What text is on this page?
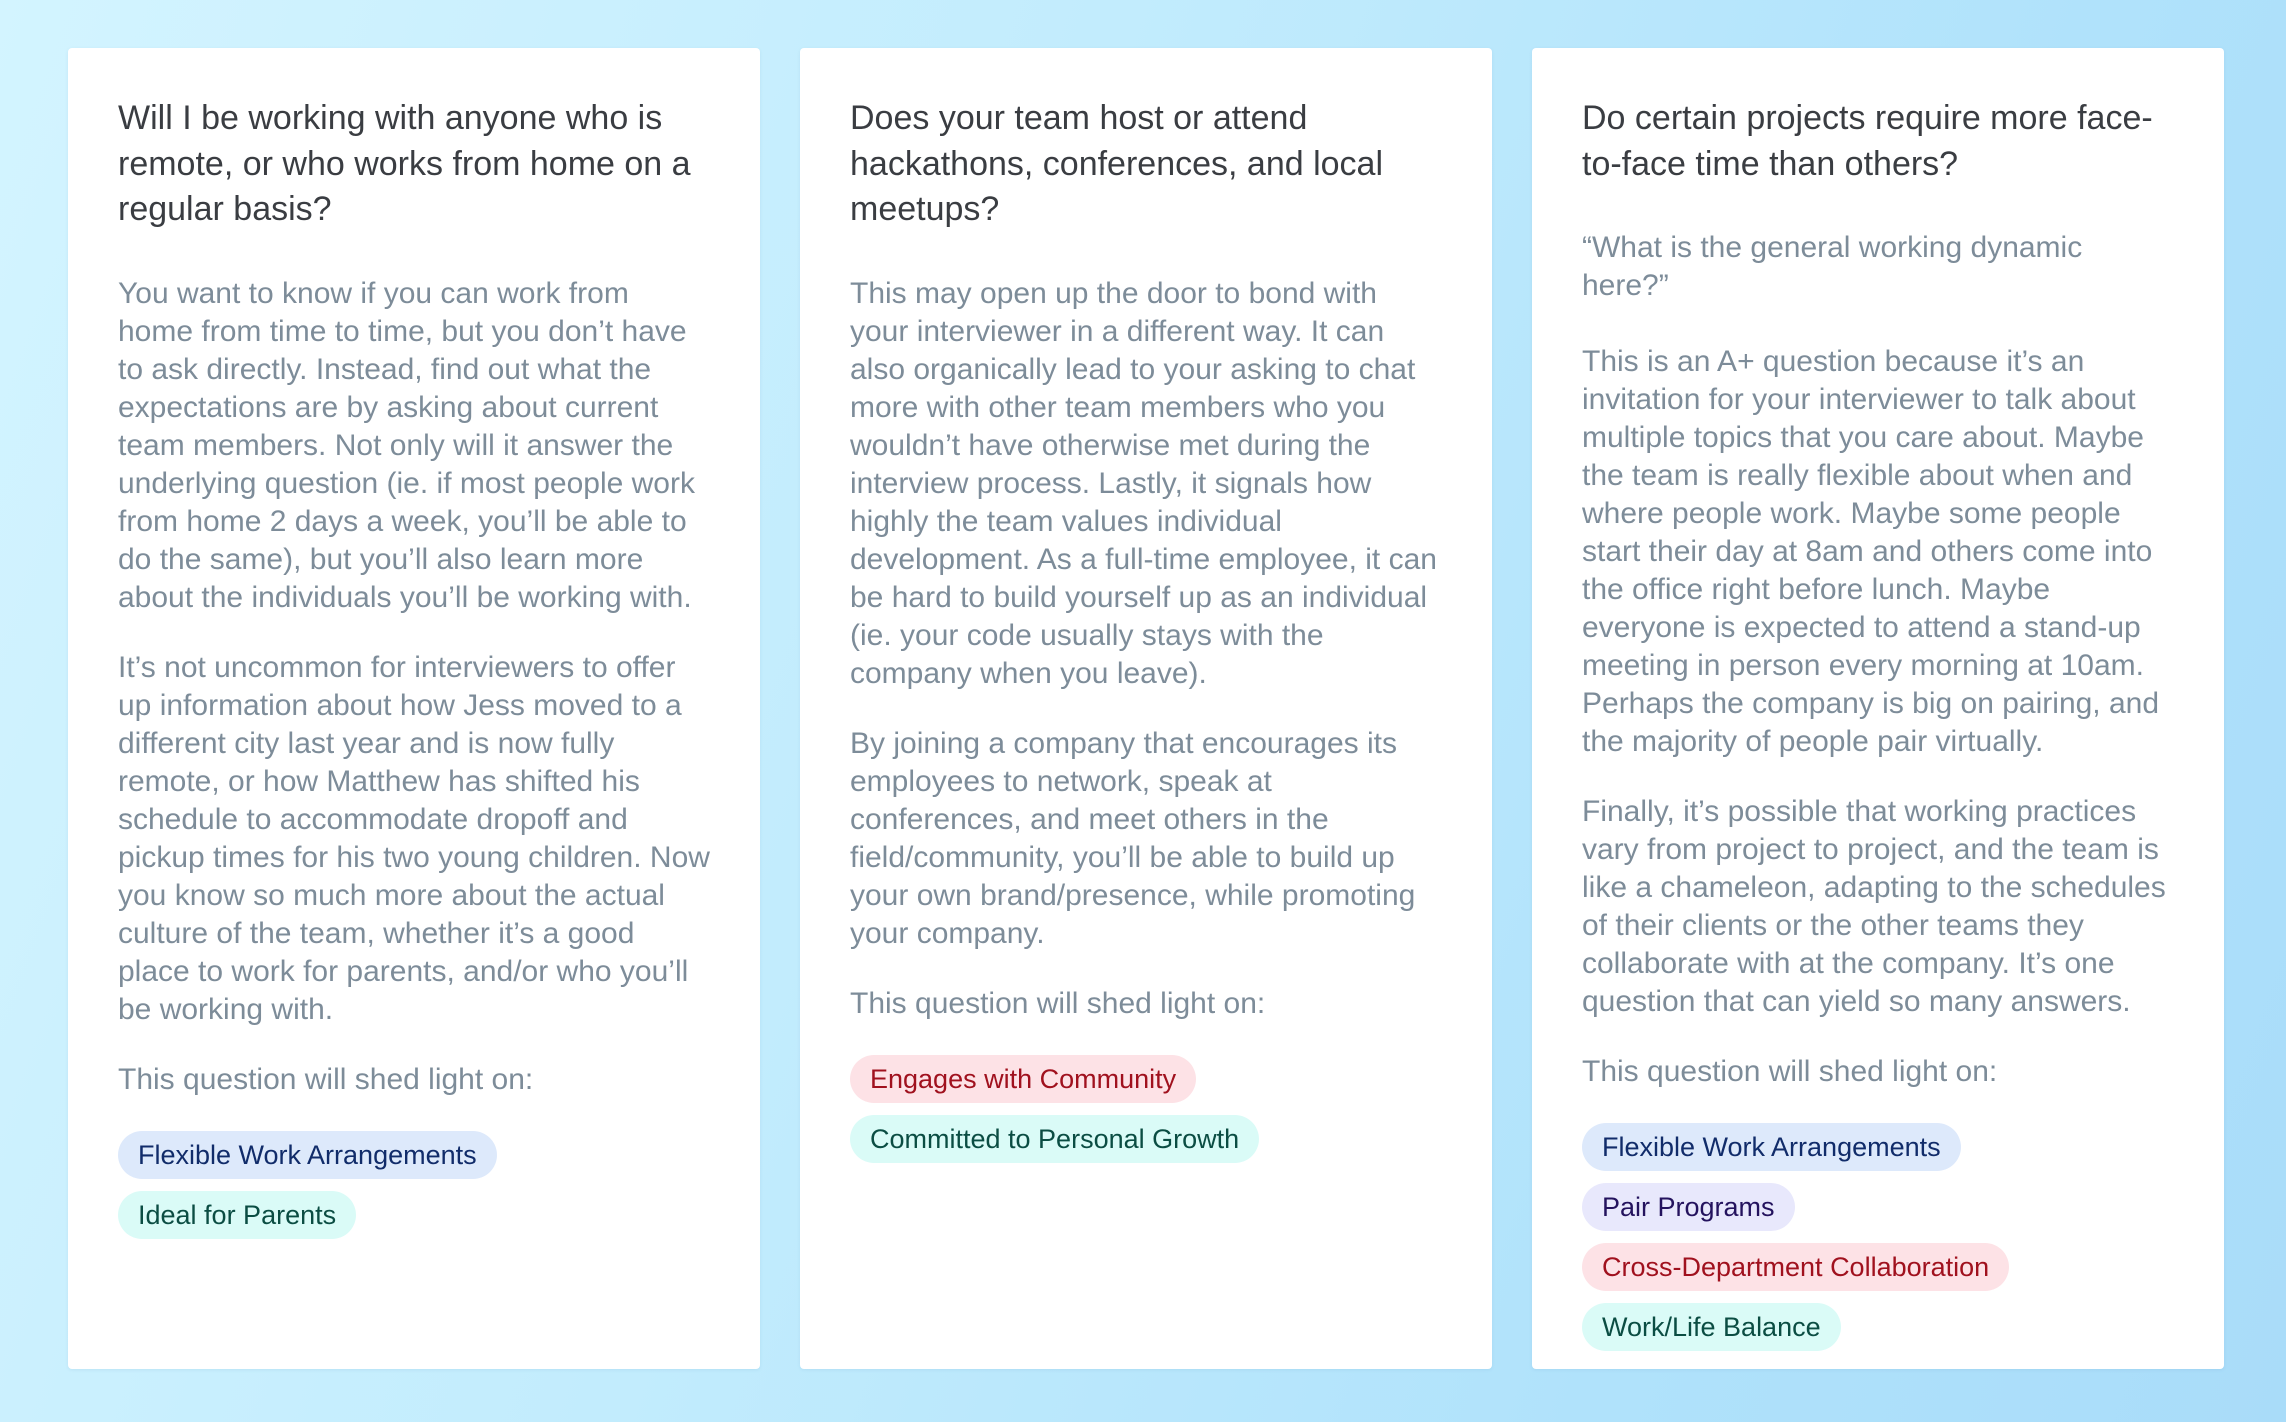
Will I be working with anyone who is remote, or who works from home on a regular basis?

You want to know if you can work from home from time to time, but you don’t have to ask directly. Instead, find out what the expectations are by asking about current team members. Not only will it answer the underlying question (ie. if most people work from home 2 days a week, you’ll be able to do the same), but you’ll also learn more about the individuals you’ll be working with.

It’s not uncommon for interviewers to offer up information about how Jess moved to a different city last year and is now fully remote, or how Matthew has shifted his schedule to accommodate dropoff and pickup times for his two young children. Now you know so much more about the actual culture of the team, whether it’s a good place to work for parents, and/or who you’ll be working with.

This question will shed light on:

Flexible Work Arrangements
Ideal for Parents
Does your team host or attend hackathons, conferences, and local meetups?

This may open up the door to bond with your interviewer in a different way. It can also organically lead to your asking to chat more with other team members who you wouldn’t have otherwise met during the interview process. Lastly, it signals how highly the team values individual development. As a full-time employee, it can be hard to build yourself up as an individual (ie. your code usually stays with the company when you leave).

By joining a company that encourages its employees to network, speak at conferences, and meet others in the field/community, you’ll be able to build up your own brand/presence, while promoting your company.

This question will shed light on:

Engages with Community
Committed to Personal Growth
Do certain projects require more face-to-face time than others?

“What is the general working dynamic here?”

This is an A+ question because it’s an invitation for your interviewer to talk about multiple topics that you care about. Maybe the team is really flexible about when and where people work. Maybe some people start their day at 8am and others come into the office right before lunch. Maybe everyone is expected to attend a stand-up meeting in person every morning at 10am. Perhaps the company is big on pairing, and the majority of people pair virtually.

Finally, it’s possible that working practices vary from project to project, and the team is like a chameleon, adapting to the schedules of their clients or the other teams they collaborate with at the company. It’s one question that can yield so many answers.

This question will shed light on:

Flexible Work Arrangements
Pair Programs
Cross-Department Collaboration
Work/Life Balance
